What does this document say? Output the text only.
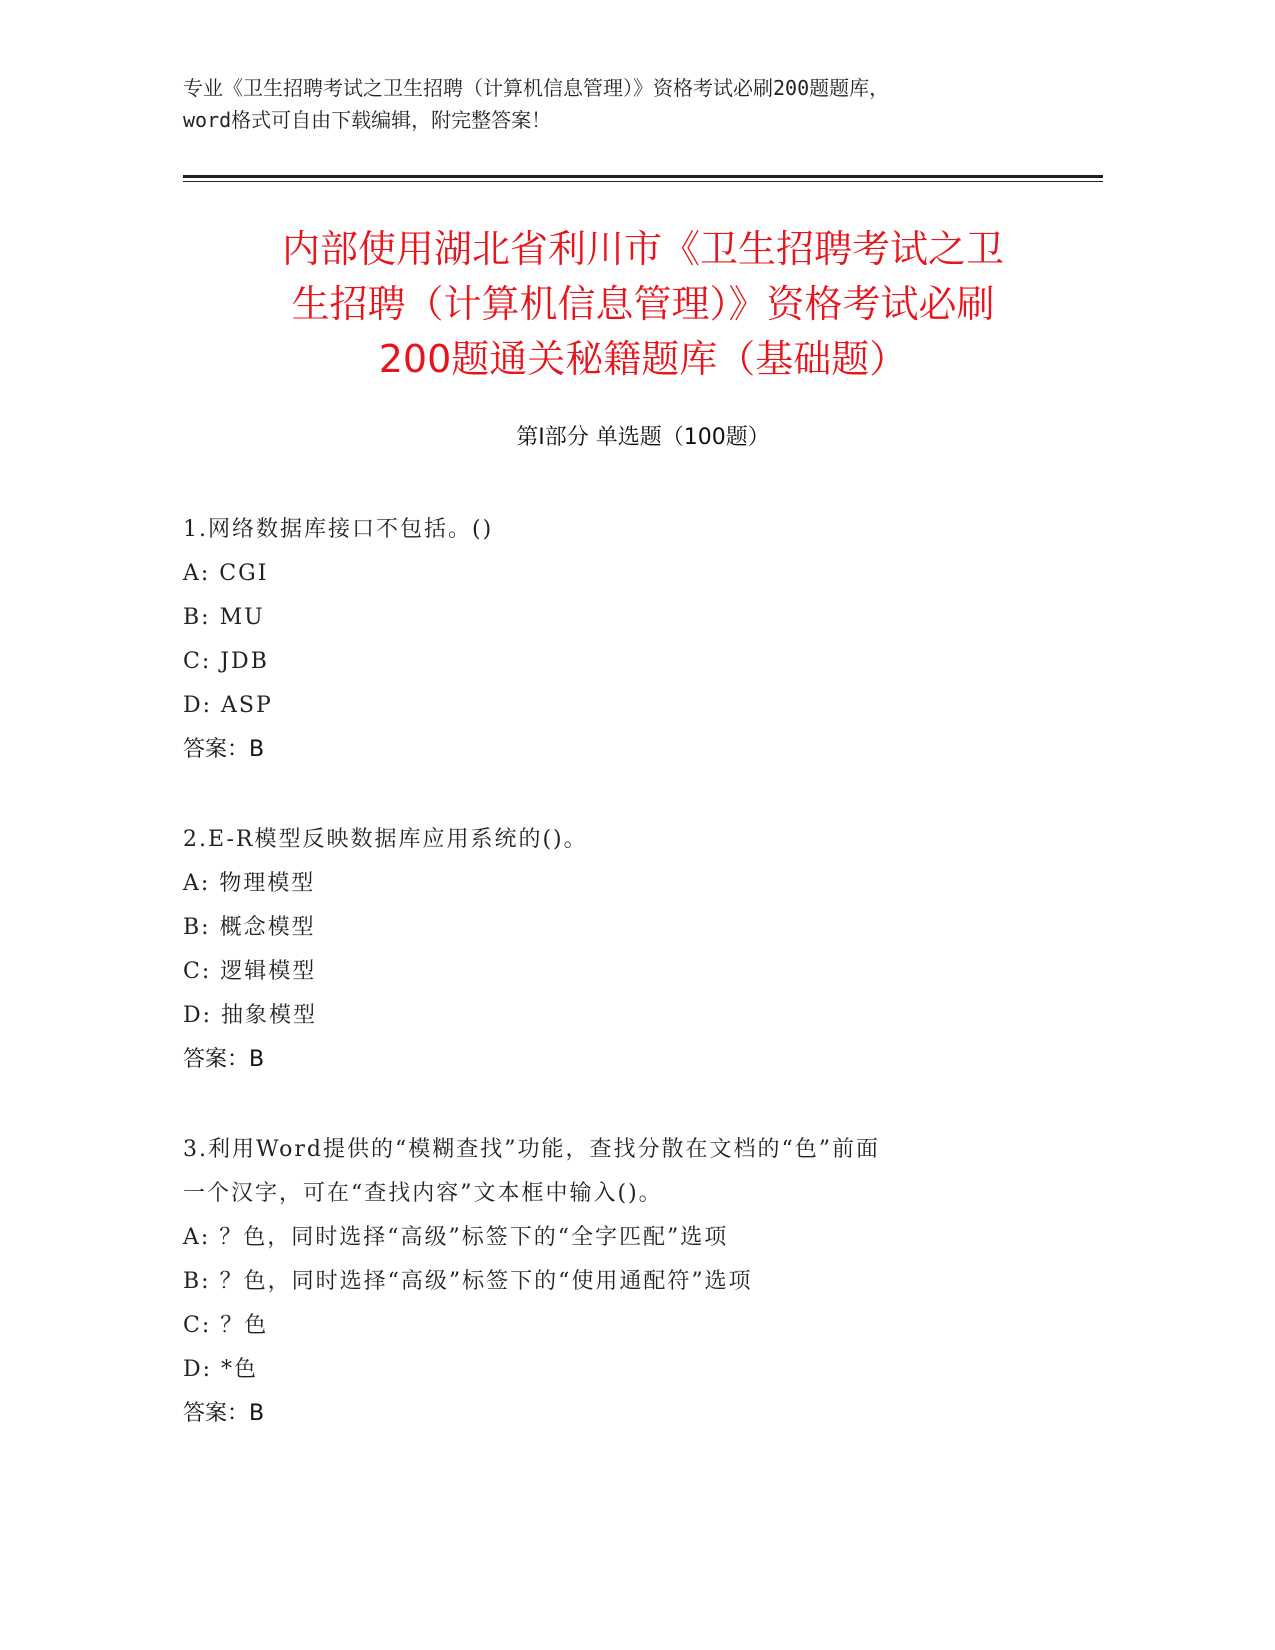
专业《卫生招聘考试之卫生招聘（计算机信息管理）》资格考试必刷200题题库，
word格式可自由下载编辑，附完整答案！
内部使用湖北省利川市《卫生招聘考试之卫
生招聘（计算机信息管理）》资格考试必刷
200题通关秘籍题库（基础题）
第Ⅰ部分 单选题（100题）
1.网络数据库接口不包括。()
A: CGI
B: MU
C: JDB
D: ASP
答案：B
2.E-R模型反映数据库应用系统的()。
A: 物理模型
B: 概念模型
C: 逻辑模型
D: 抽象模型
答案：B
3.利用Word提供的“模糊查找”功能，查找分散在文档的“色”前面
一个汉字，可在“查找内容”文本框中输入()。
A: ？色，同时选择“高级”标签下的“全字匹配”选项
B: ？色，同时选择“高级”标签下的“使用通配符”选项
C: ？色
D: *色
答案：B
